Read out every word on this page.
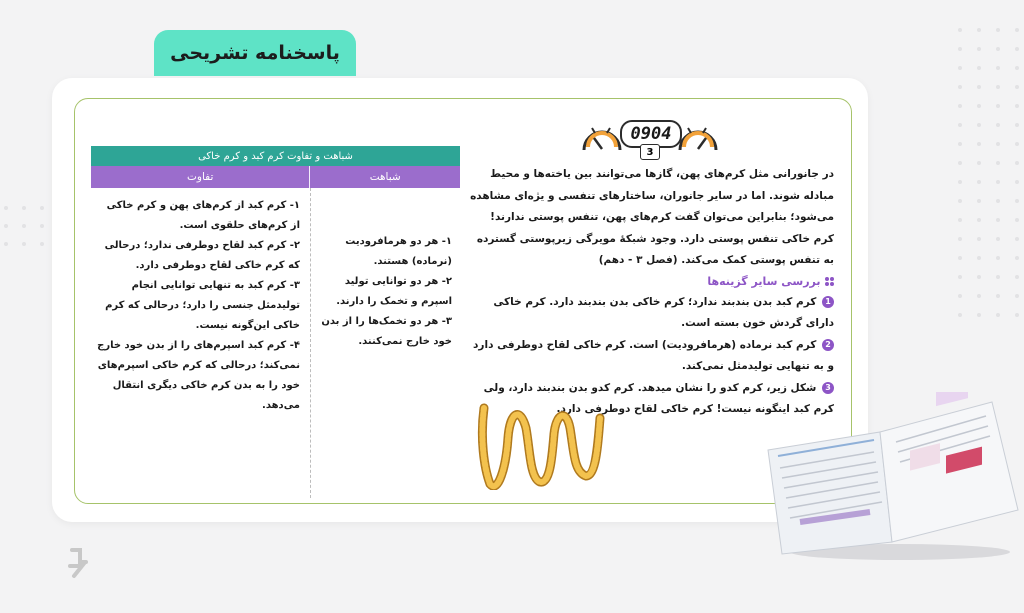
پاسخنامه تشریحی
0904
3
شباهت و تفاوت کرم کبد و کرم خاکی
شباهت
تفاوت

۱- هر دو هرمافرودیت (نرماده) هستند.

۲- هر دو توانایی تولید اسپرم و تخمک را دارند.

۳- هر دو تخمک‌ها را از بدن خود خارج نمی‌کنند.

۱- کرم کبد از کرم‌های پهن و کرم خاکی از کرم‌های حلقوی است.

۲- کرم کبد لقاح دوطرفی ندارد؛ درحالی که کرم خاکی لقاح دوطرفی دارد.

۳- کرم کبد به تنهایی توانایی انجام تولیدمثل جنسی را دارد؛ درحالی که کرم خاکی این‌گونه نیست.

۴- کرم کبد اسپرم‌های را از بدن خود خارج نمی‌کند؛ درحالی که کرم خاکی اسپرم‌های خود را به بدن کرم خاکی دیگری انتقال می‌دهد.

در جانورانی مثل کرم‌های پهن، گازها می‌توانند بین یاخته‌ها و محیط مبادله شوند. اما در سایر جانوران، ساختارهای تنفسی و یژه‌ای مشاهده می‌شود؛ بنابراین می‌توان گفت کرم‌های پهن، تنفس پوستی ندارند! کرم خاکی تنفس پوستی دارد. وجود شبکهٔ مویرگی زیرپوستی گسترده به تنفس پوستی کمک می‌کند. (فصل ۳ - دهم)

بررسی سایر گزینه‌ها

1 کرم کبد بدن بندبند ندارد؛ کرم خاکی بدن بندبند دارد. کرم خاکی دارای گردش خون بسته است.

2 کرم کبد نرماده (هرمافرودیت) است. کرم خاکی لقاح دوطرفی دارد و به تنهایی تولیدمثل نمی‌کند.

3 شکل زیر، کرم کدو را نشان میدهد. کرم کدو بدن بندبند دارد، ولی کرم کبد اینگونه نیست! کرم خاکی لقاح دوطرفی دارد.
